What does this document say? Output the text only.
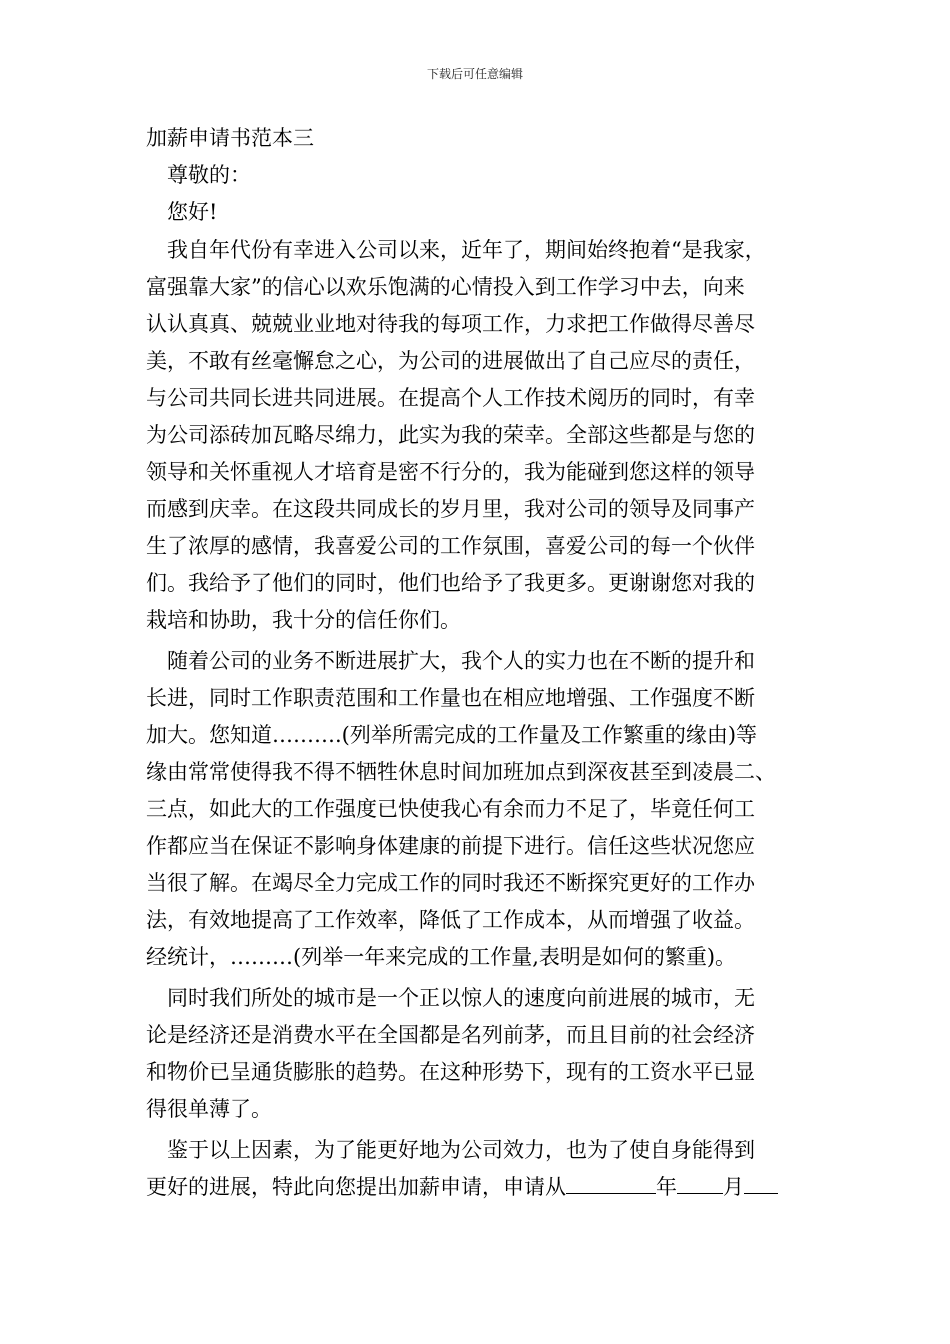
下载后可任意编辑
加薪申请书范本三

尊敬的：

您好!

我自年代份有幸进入公司以来，近年了，期间始终抱着“是我家，

富强靠大家”的信心以欢乐饱满的心情投入到工作学习中去，向来

认认真真、兢兢业业地对待我的每项工作，力求把工作做得尽善尽

美，不敢有丝毫懈怠之心，为公司的进展做出了自己应尽的责任，

与公司共同长进共同进展。在提高个人工作技术阅历的同时，有幸

为公司添砖加瓦略尽绵力，此实为我的荣幸。全部这些都是与您的

领导和关怀重视人才培育是密不行分的，我为能碰到您这样的领导

而感到庆幸。在这段共同成长的岁月里，我对公司的领导及同事产

生了浓厚的感情，我喜爱公司的工作氛围，喜爱公司的每一个伙伴

们。我给予了他们的同时，他们也给予了我更多。更谢谢您对我的

栽培和协助，我十分的信任你们。

随着公司的业务不断进展扩大，我个人的实力也在不断的提升和

长进，同时工作职责范围和工作量也在相应地增强、工作强度不断

加大。您知道……….(列举所需完成的工作量及工作繁重的缘由)等

缘由常常使得我不得不牺牲休息时间加班加点到深夜甚至到凌晨二、

三点，如此大的工作强度已快使我心有余而力不足了，毕竟任何工

作都应当在保证不影响身体建康的前提下进行。信任这些状况您应

当很了解。在竭尽全力完成工作的同时我还不断探究更好的工作办

法，有效地提高了工作效率，降低了工作成本，从而增强了收益。

经统计，………(列举一年来完成的工作量,表明是如何的繁重)。

同时我们所处的城市是一个正以惊人的速度向前进展的城市，无

论是经济还是消费水平在全国都是名列前茅，而且目前的社会经济

和物价已呈通货膨胀的趋势。在这种形势下，现有的工资水平已显

得很单薄了。

鉴于以上因素，为了能更好地为公司效力，也为了使自身能得到

更好的进展，特此向您提出加薪申请，申请从	年 月
